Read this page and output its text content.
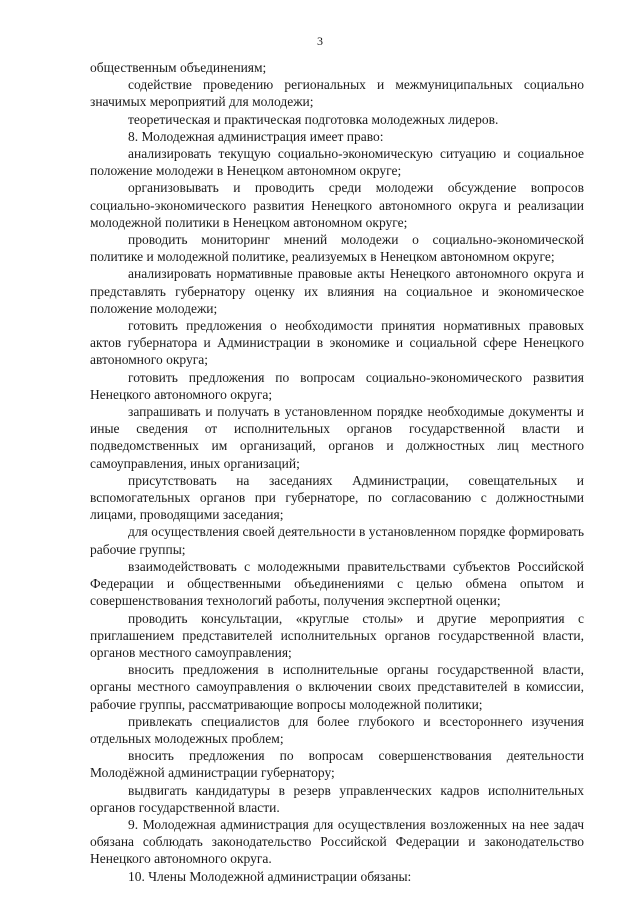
3

общественным объединениям;

содействие проведению региональных и межмуниципальных социально значимых мероприятий для молодежи;

теоретическая и практическая подготовка молодежных лидеров.

8. Молодежная администрация имеет право:

анализировать текущую социально-экономическую ситуацию и социальное положение молодежи в Ненецком автономном округе;

организовывать и проводить среди молодежи обсуждение вопросов социально-экономического развития Ненецкого автономного округа и реализации молодежной политики в Ненецком автономном округе;

проводить мониторинг мнений молодежи о социально-экономической политике и молодежной политике, реализуемых в Ненецком автономном округе;

анализировать нормативные правовые акты Ненецкого автономного округа и представлять губернатору оценку их влияния на социальное и экономическое положение молодежи;

готовить предложения о необходимости принятия нормативных правовых актов губернатора и Администрации в экономике и социальной сфере Ненецкого автономного округа;

готовить предложения по вопросам социально-экономического развития Ненецкого автономного округа;

запрашивать и получать в установленном порядке необходимые документы и иные сведения от исполнительных органов государственной власти и подведомственных им организаций, органов и должностных лиц местного самоуправления, иных организаций;

присутствовать на заседаниях Администрации, совещательных и вспомогательных органов при губернаторе, по согласованию с должностными лицами, проводящими заседания;

для осуществления своей деятельности в установленном порядке формировать рабочие группы;

взаимодействовать с молодежными правительствами субъектов Российской Федерации и общественными объединениями с целью обмена опытом и совершенствования технологий работы, получения экспертной оценки;

проводить консультации, «круглые столы» и другие мероприятия с приглашением представителей исполнительных органов государственной власти, органов местного самоуправления;

вносить предложения в исполнительные органы государственной власти, органы местного самоуправления о включении своих представителей в комиссии, рабочие группы, рассматривающие вопросы молодежной политики;

привлекать специалистов для более глубокого и всестороннего изучения отдельных молодежных проблем;

вносить предложения по вопросам совершенствования деятельности Молодёжной администрации губернатору;

выдвигать кандидатуры в резерв управленческих кадров исполнительных органов государственной власти.

9. Молодежная администрация для осуществления возложенных на нее задач обязана соблюдать законодательство Российской Федерации и законодательство Ненецкого автономного округа.

10. Члены Молодежной администрации обязаны:
